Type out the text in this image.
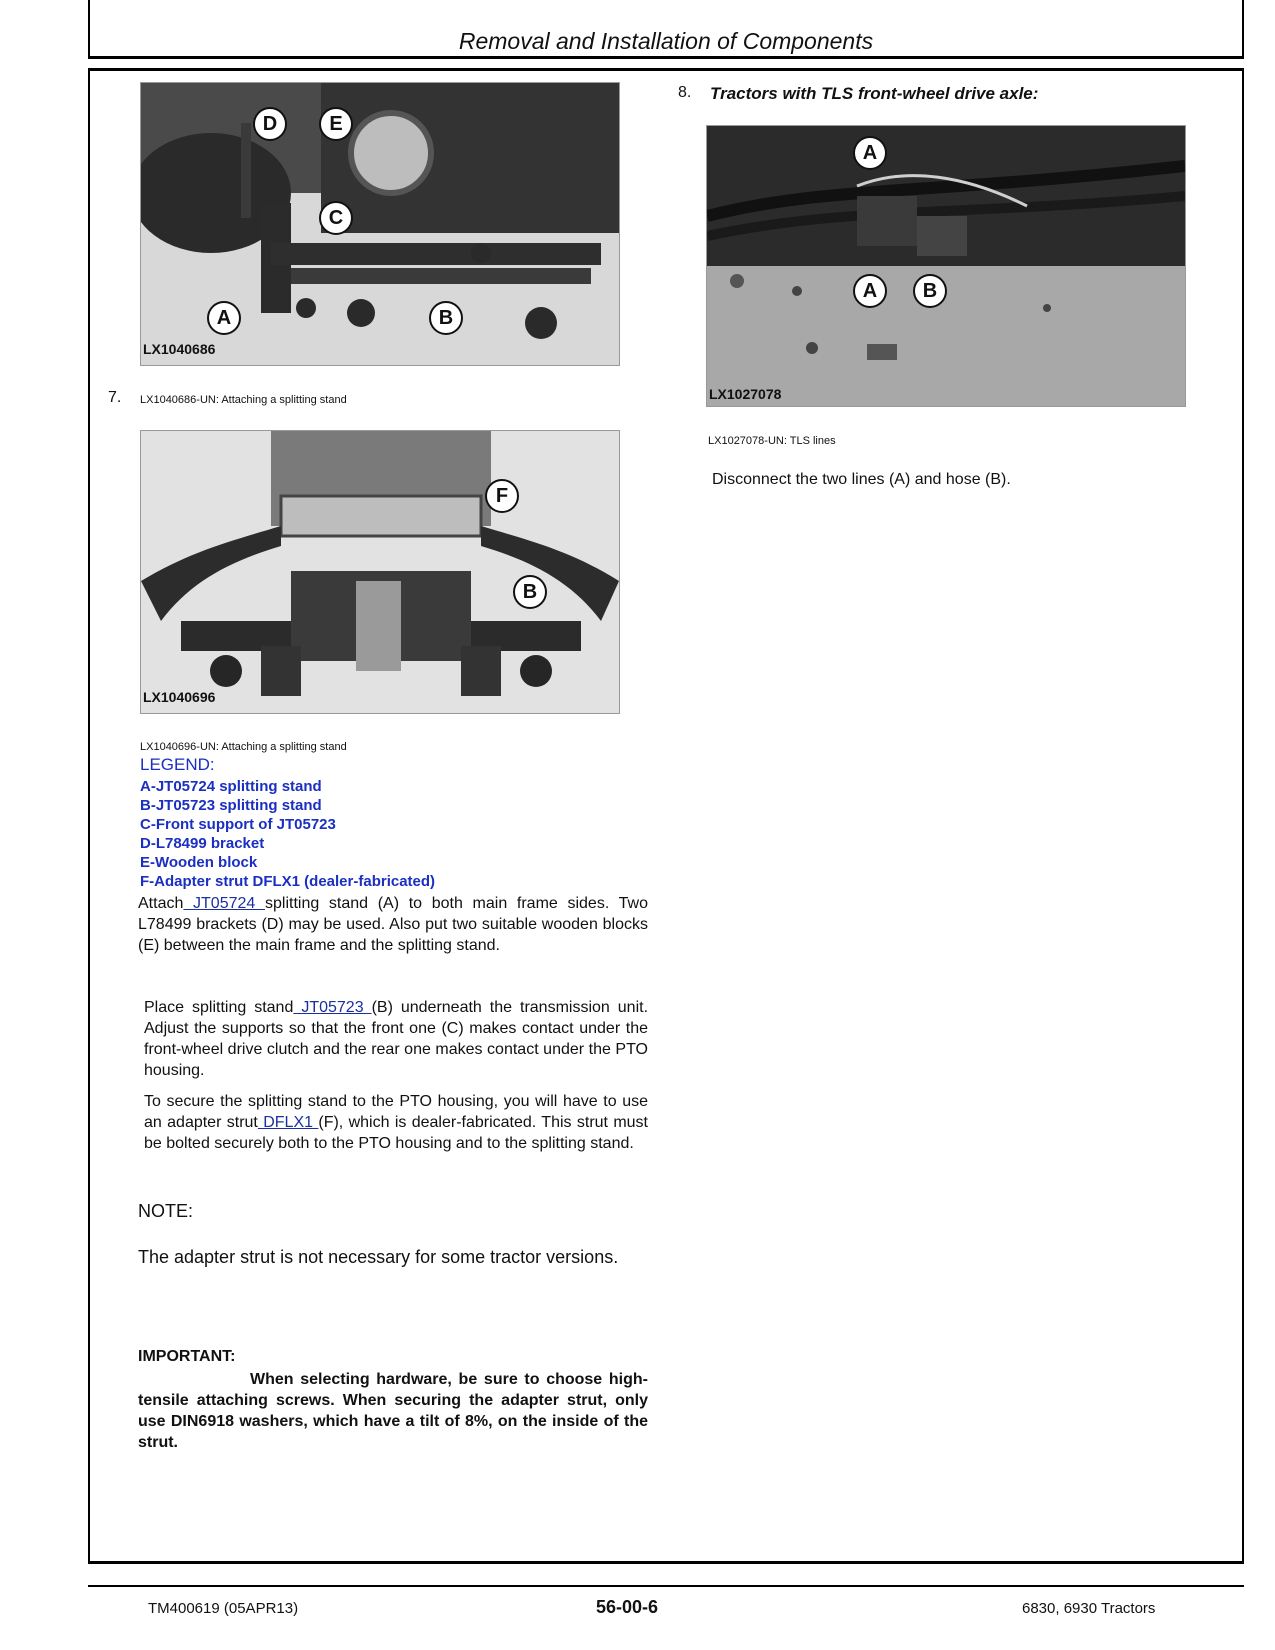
Removal and Installation of Components
LX1040686
D	E
C
A	B
7. LX1040686-UN: Attaching a splitting stand
LX1040696
F
B
LX1040696-UN: Attaching a splitting stand
LEGEND:
A-JT05724 splitting stand
B-JT05723 splitting stand
C-Front support of JT05723
D-L78499 bracket
E-Wooden block
F-Adapter strut DFLX1 (dealer-fabricated)
Attach JT05724 splitting stand (A) to both main frame sides. Two L78499 brackets (D) may be used. Also put two suitable wooden blocks (E) between the main frame and the splitting stand.
Place splitting stand JT05723 (B) underneath the transmission unit. Adjust the supports so that the front one (C) makes contact under the front-wheel drive clutch and the rear one makes contact under the PTO housing.
To secure the splitting stand to the PTO housing, you will have to use an adapter strut DFLX1 (F), which is dealer-fabricated. This strut must be bolted securely both to the PTO housing and to the splitting stand.
NOTE:
The adapter strut is not necessary for some tractor versions.
IMPORTANT:
When selecting hardware, be sure to choose high-tensile attaching screws. When securing the adapter strut, only use DIN6918 washers, which have a tilt of 8%, on the inside of the strut.
8. Tractors with TLS front-wheel drive axle:
LX1027078
A
A	B
LX1027078-UN: TLS lines
Disconnect the two lines (A) and hose (B).
TM400619 (05APR13)	56-00-6	6830, 6930 Tractors
